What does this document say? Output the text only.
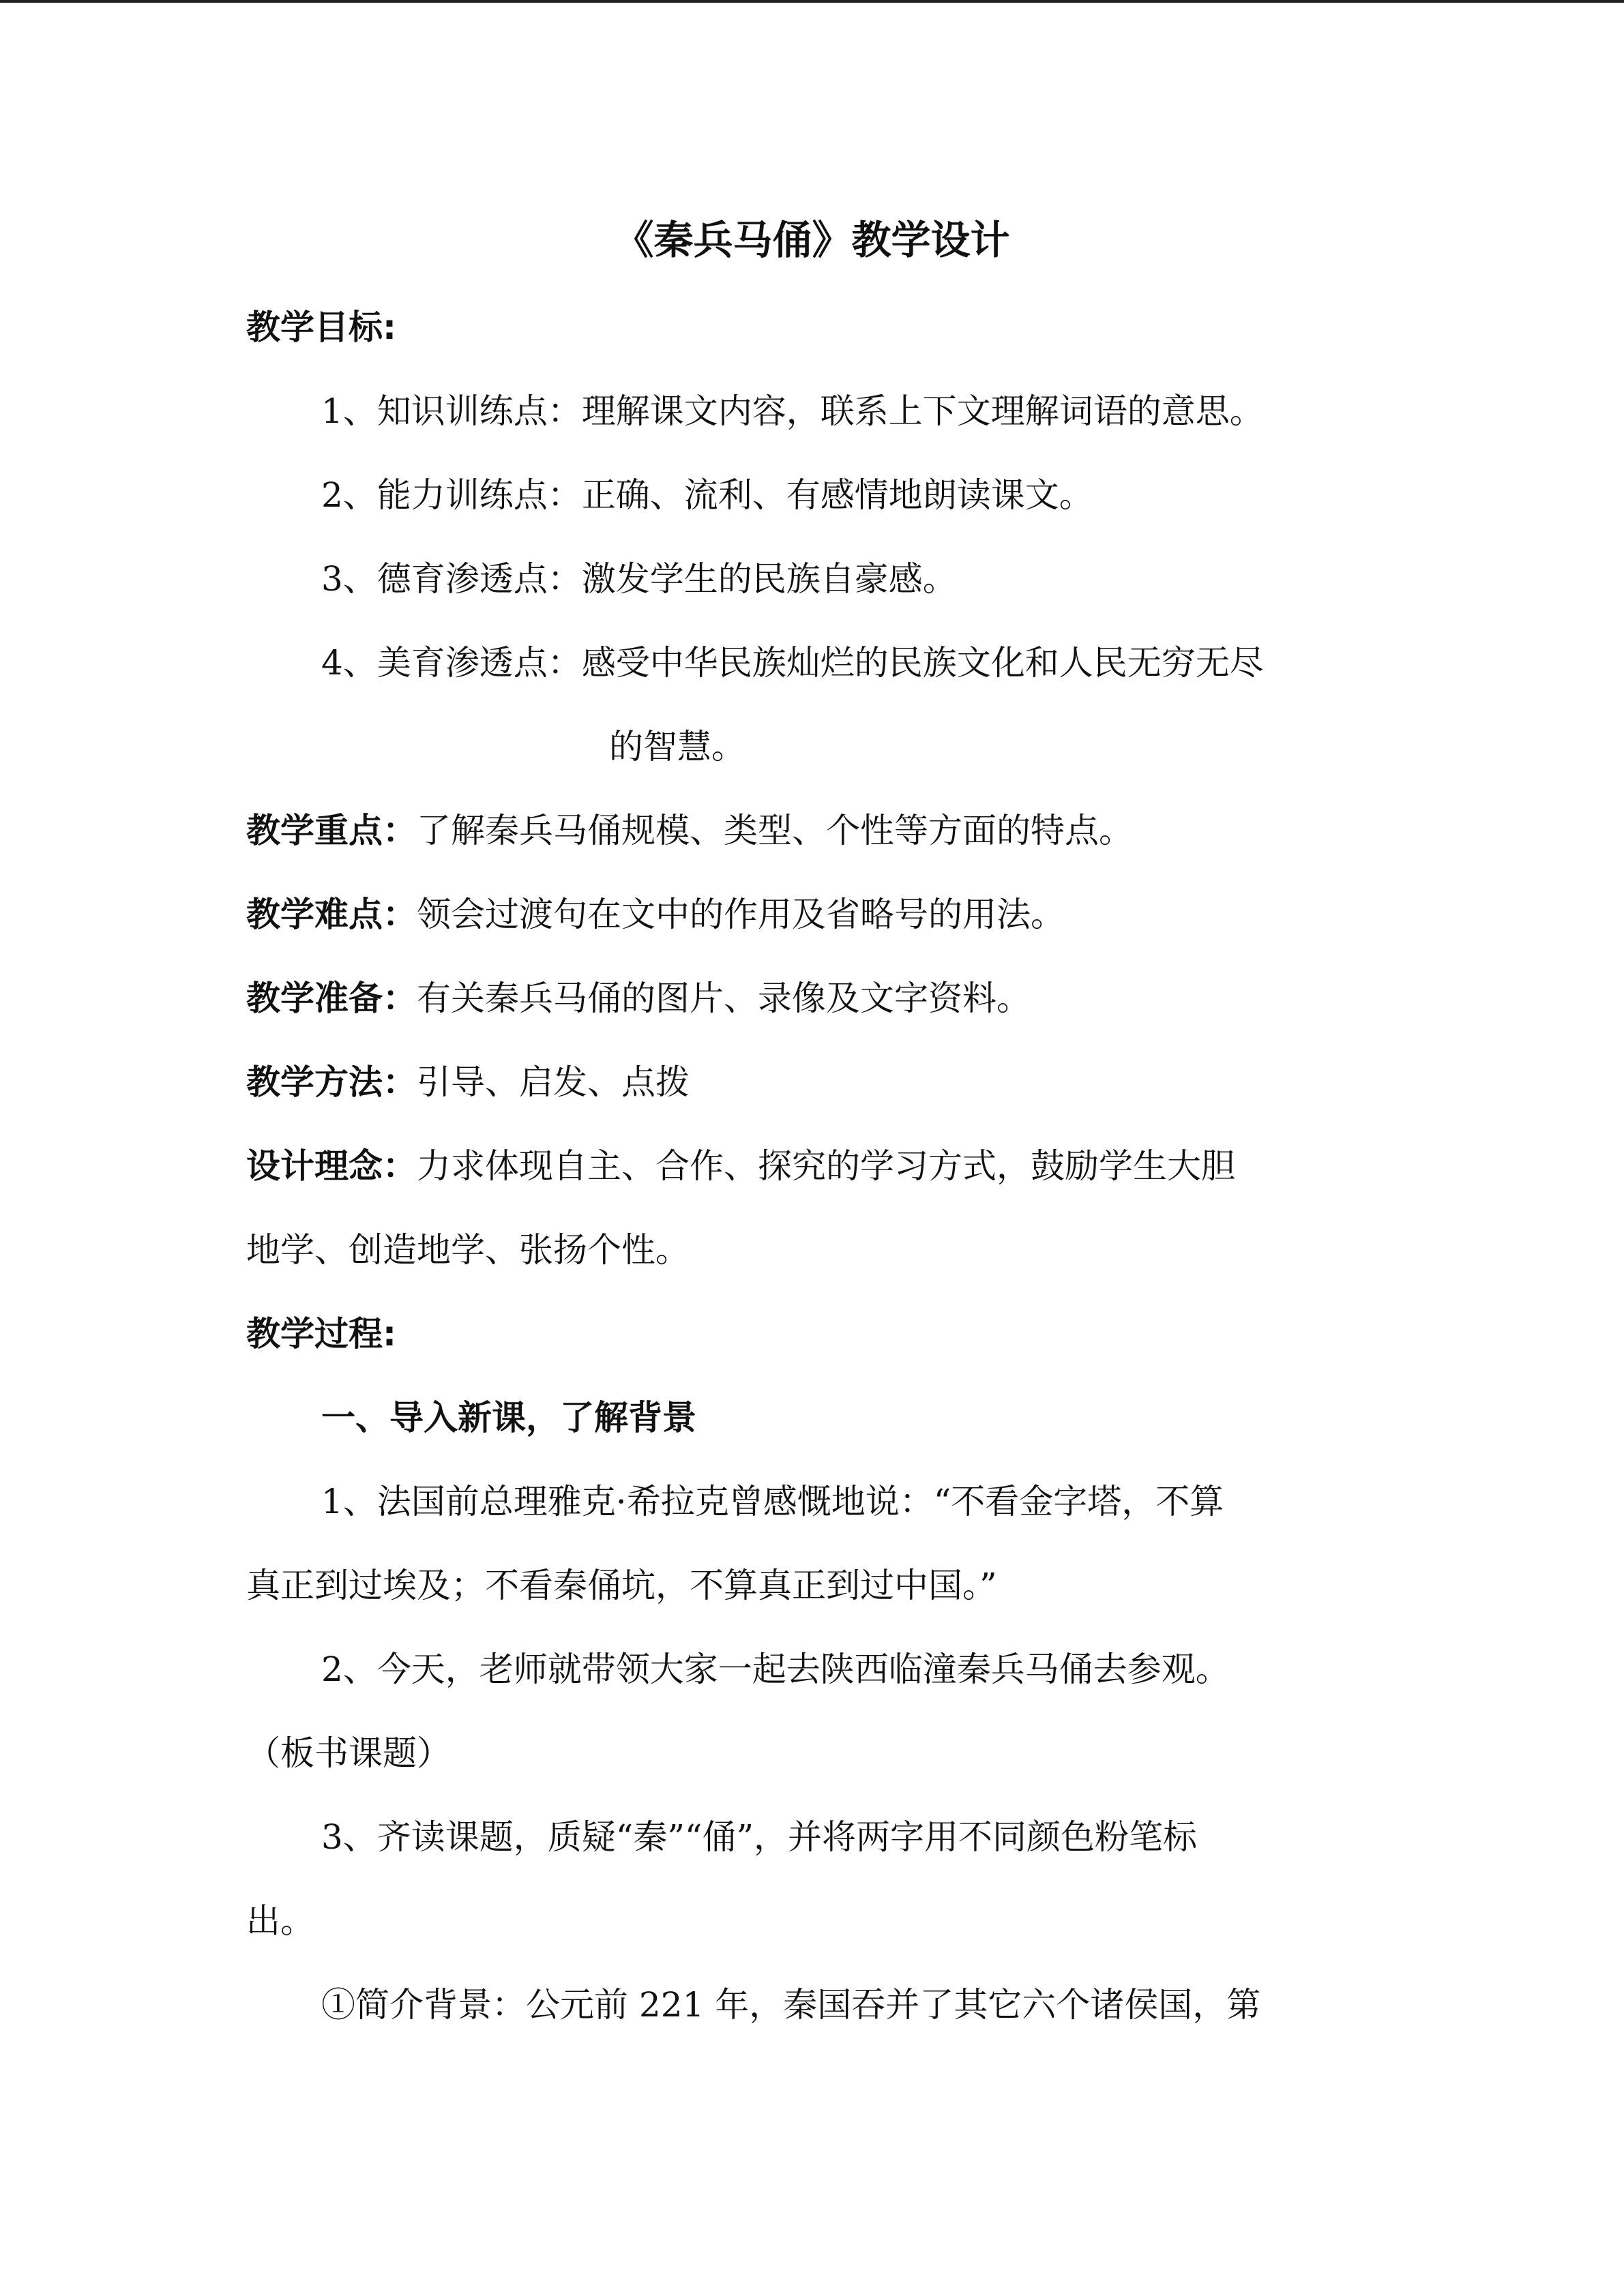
《秦兵马俑》教学设计
教学目标:
1、知识训练点：理解课文内容，联系上下文理解词语的意思。
2、能力训练点：正确、流利、有感情地朗读课文。
3、德育渗透点：激发学生的民族自豪感。
4、美育渗透点：感受中华民族灿烂的民族文化和人民无穷无尽
的智慧。
教学重点：了解秦兵马俑规模、类型、个性等方面的特点。
教学难点：领会过渡句在文中的作用及省略号的用法。
教学准备：有关秦兵马俑的图片、录像及文字资料。
教学方法：引导、启发、点拨
设计理念：力求体现自主、合作、探究的学习方式，鼓励学生大胆
地学、创造地学、张扬个性。
教学过程:
一、导入新课，了解背景
1、法国前总理雅克·希拉克曾感慨地说：“不看金字塔，不算
真正到过埃及；不看秦俑坑，不算真正到过中国。”
2、今天，老师就带领大家一起去陕西临潼秦兵马俑去参观。
（板书课题）
3、齐读课题，质疑“秦”“俑”，并将两字用不同颜色粉笔标
出。
①简介背景：公元前 221 年，秦国吞并了其它六个诸侯国，第
